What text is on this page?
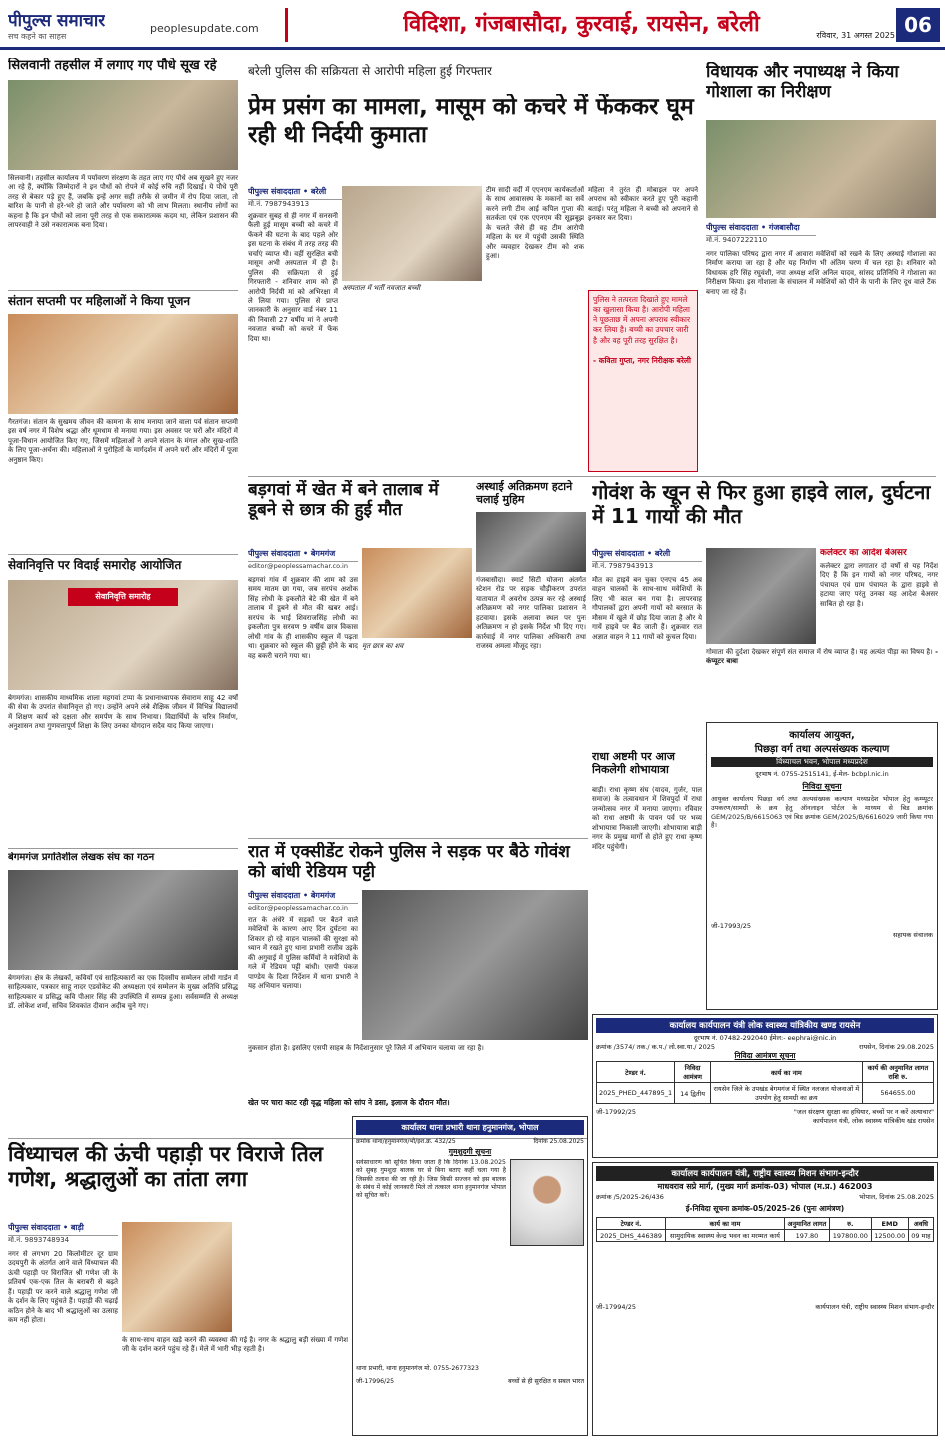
पीपुल्स समाचार
सच कहने का साहस
peoplesupdate.com	विदिशा, गंजबासौदा, कुरवाई, रायसेन, बरेली	रविवार, 31 अगस्त 2025 06
सिलवानी तहसील में लगाए गए पौधे सूख रहे
सिलवानी। तहसील कार्यालय में पर्यावरण संरक्षण के तहत लाए गए पौधे अब सूखने हुए नजर आ रहे हैं, क्योंकि जिम्मेदारों ने इन पौधों को रोपने में कोई रुचि नहीं दिखाई। ये पौधे पूरी तरह से बेकार पड़े हुए हैं, जबकि इन्हें अगर सही तरीके से जमीन में रोप दिया जाता, तो बारिश के पानी से हरे-भरे हो जाते और पर्यावरण को भी लाभ मिलता। स्थानीय लोगों का कहना है कि इन पौधों को लाना पूरी तरह से एक सकारात्मक कदम था, लेकिन प्रशासन की लापरवाही ने उसे नकारात्मक बना दिया।
संतान सप्तमी पर महिलाओं ने किया पूजन
गैरतगंज। संतान के सुखमय जीवन की कामना के साथ मनाया जाने वाला पर्व संतान सप्तमी इस वर्ष नगर में विशेष श्रद्धा और धूमधाम से मनाया गया। इस अवसर पर घरों और मंदिरों में पूजा-विधान आयोजित किए गए, जिसमें महिलाओं ने अपने संतान के मंगल और सुख-शांति के लिए पूजा-अर्चना की। महिलाओं ने पुरोहितों के मार्गदर्शन में अपने घरों और मंदिरों में पूजा अनुष्ठान किए।
सेवानिवृत्ति पर विदाई समारोह आयोजित
सेवानिवृत्ति समारोह
बेगमगंज। शासकीय माध्यमिक शाला महगवां टप्पा के प्रधानाध्यापक सेवाराम साहू 42 वर्षों की सेवा के उपरांत सेवानिवृत्त हो गए। उन्होंने अपने लंबे शैक्षिक जीवन में विभिन्न विद्यालयों में शिक्षण कार्य को दक्षता और समर्पण के साथ निभाया। विद्यार्थियों के चरित्र निर्माण, अनुशासन तथा गुणवत्तापूर्ण शिक्षा के लिए उनका योगदान सदैव याद किया जाएगा।
बेगमगंज प्रगतिशील लेखक संघ का गठन
बेगमगंज। क्षेत्र के लेखकों, कवियों एवं साहित्यकारों का एक दिवसीय सम्मेलन लोधी गार्डन में साहित्यकार, पत्रकार साहू नादर एडवोकेट की अध्यक्षता एवं सम्मेलन के मुख्य अतिथि प्रसिद्ध साहित्यकार व प्रसिद्ध कवि पीआर सिंह की उपस्थिति में सम्पन्न हुआ। सर्वसम्मति से अध्यक्ष डॉ. लोकेश शर्मा, सचिव शिवकांत दीवान अदीब चुने गए।
बरेली पुलिस की सक्रियता से आरोपी महिला हुई गिरफ्तार
प्रेम प्रसंग का मामला, मासूम को कचरे में फेंककर घूम रही थी निर्दयी कुमाता
पीपुल्स संवाददाता • बरेली
मो.नं. 7987943913
शुक्रवार सुबह से ही नगर में सनसनी फैली हुई मासूम बच्ची को कचरे में फेंकने की घटना के बाद पहले ओर इस घटना के संबंध में तरह तरह की चर्चाएं व्याप्त थी। वहीं सुरक्षित बची मासूम अभी अस्पताल में ही है। पुलिस की सक्रियता से हुई गिरफ्तारी - शनिवार शाम को ही आरोपी निर्दयी मां को अभिरक्षा में ले लिया गया। पुलिस से प्राप्त जानकारी के अनुसार वार्ड नंबर 11 की निवासी 27 वर्षीय मां ने अपनी नवजात बच्ची को कचरे में फेंक दिया था।
अस्पताल में भर्ती नवजात बच्ची
टीम सादी वर्दी में एएनएम कार्यकर्ताओं के साथ आवासस्थ के मकानों का सर्वे करने लगी टीम आई कपिल गुप्ता की सतर्कता एवं एक एएनएम की सूझबूझ के चलते जैसे ही वह टीम आरोपी महिला के घर में पहुंची उसकी स्थिति और व्यवहार देखकर टीम को शक हुआ।
महिला ने तुरंत ही मोबाइल पर अपने अपराध को स्वीकार करते हुए पूरी कहानी बताई। परंतु महिला ने बच्ची को अपनाने से इनकार कर दिया।
पुलिस ने तत्परता दिखाते हुए मामले का खुलासा किया है। आरोपी महिला ने पूछताछ में अपना अपराध स्वीकार कर लिया है। बच्ची का उपचार जारी है और वह पूरी तरह सुरक्षित है।

- कविता गुप्ता, नगर निरीक्षक बरेली
बड़गवां में खेत में बने तालाब में डूबने से छात्र की हुई मौत
पीपुल्स संवाददाता • बेगमगंज
editor@peoplessamachar.co.in
बड़गवां गांव में शुक्रवार की शाम को उस समय मातम छा गया, जब सरपंच अशोक सिंह लोधी के इकलौते बेटे की खेत में बने तालाब में डूबने से मौत की खबर आई। सरपंच के भाई शिवराजसिंह लोधी का इकलौता पुत्र सरवण 9 वर्षीय छात्र विकास लोधी गांव के ही शासकीय स्कूल में पढ़ता था। शुक्रवार को स्कूल की छुट्टी होने के बाद वह बकरी चराने गया था।
मृत छात्र का शव
अस्थाई अतिक्रमण हटाने चलाई मुहिम
गंजबासौदा। स्मार्ट सिटी योजना अंतर्गत स्टेशन रोड पर सड़क चौड़ीकरण उपरांत यातायात में अवरोध उत्पन्न कर रहे अस्थाई अतिक्रमण को नगर पालिका प्रशासन ने हटवाया। इसके अलावा स्थल पर पुनः अतिक्रमण न हो इसके निर्देश भी दिए गए। कार्रवाई में नगर पालिका अधिकारी तथा राजस्व अमला मौजूद रहा।
विधायक और नपाध्यक्ष ने किया गोशाला का निरीक्षण
पीपुल्स संवाददाता • गंजबासौदा
मो.नं. 9407222110
नगर पालिका परिषद द्वारा नगर में आवारा मवेशियों को रखने के लिए अस्थाई गोशाला का निर्माण कराया जा रहा है और यह निर्माण भी अंतिम चरण में चल रहा है। शनिवार को विधायक हरि सिंह रघुवंशी, नपा अध्यक्ष शशि अनिल यादव, सांसद प्रतिनिधि ने गोशाला का निरीक्षण किया। इस गोशाला के संचालन में मवेशियों को पीने के पानी के लिए दूध वाले टैंक बनाए जा रहे हैं।
गोवंश के खून से फिर हुआ हाइवे लाल, दुर्घटना में 11 गायों की मौत
पीपुल्स संवाददाता • बरेली
मो.नं. 7987943913
मौत का हाइवे बन चुका एनएच 45 अब वाहन चालकों के साथ-साथ मवेशियों के लिए भी काल बन गया है। लापरवाह गौपालकों द्वारा अपनी गायों को बरसात के मौसम में खुले में छोड़ दिया जाता है और ये गायें हाइवे पर बैठ जाती हैं। शुक्रवार रात अज्ञात वाहन ने 11 गायों को कुचल दिया।
कलेक्टर का आदेश बेअसर
कलेक्टर द्वारा लगातार दो वर्षों से यह निर्देश दिए हैं कि इन गायों को नगर परिषद, नगर पंचायत एवं ग्राम पंचायत के द्वारा हाइवे से हटाया जाए परंतु उनका यह आदेश बेअसर साबित हो रहा है।
गोमाता की दुर्दशा देखकर संपूर्ण संत समाज में रोष व्याप्त है। यह अत्यंत पीड़ा का विषय है। - कंप्यूटर बाबा
राधा अष्टमी पर आज निकलेगी शोभायात्रा
बाड़ी। राधा कृष्ण संघ (यादव, गुर्जर, पाल समाज) के तत्वावधान में शिवपुर्दा में राधा जन्मोत्सव नगर में मनाया जाएगा। रविवार को राधा अष्टमी के पावन पर्व पर भव्य शोभायात्रा निकाली जाएगी। शोभायात्रा बाड़ी नगर के प्रमुख मार्गों से होते हुए राधा कृष्ण मंदिर पहुंचेगी।
कार्यालय आयुक्त,
पिछड़ा वर्ग तथा अल्पसंख्यक कल्याण
विंध्याचल भवन, भोपाल मध्यप्रदेश
दूरभाष नं. 0755-2515141, ई-मेल- bcbpl.nic.in
निविदा सूचना
आयुक्त कार्यालय पिछड़ा वर्ग तथा अल्पसंख्यक कल्याण मध्यप्रदेश भोपाल हेतु कम्प्यूटर उपकरण/सामग्री के क्रय हेतु ऑनलाइन पोर्टल के माध्यम से बिड क्रमांक GEM/2025/B/6615063 एवं बिड क्रमांक GEM/2025/B/6616029 जारी किया गया है।
जी-17993/25
सहायक संचालक
रात में एक्सीडेंट रोकने पुलिस ने सड़क पर बैठे गोवंश को बांधी रेडियम पट्टी
पीपुल्स संवाददाता • बेगमगंज
editor@peoplessamachar.co.in
रात के अंधेरे में सड़कों पर बैठने वाले मवेशियों के कारण आए दिन दुर्घटना का शिकार हो रहे वाहन चालकों की सुरक्षा को ध्यान में रखते हुए थाना प्रभारी राजीव उइके की अगुवाई में पुलिस कर्मियों ने मवेशियों के गले में रेडियम पट्टी बांधी। एसपी पंकज पाण्डेय के दिशा निर्देशन में थाना प्रभारी ने यह अभियान चलाया।
नुकसान होता है। इसलिए एसपी साहब के निर्देशानुसार पूरे जिले में अभियान चलाया जा रहा है।
खेत पर चारा काट रही वृद्ध महिला को सांप ने डसा, इलाज के दौरान मौत।
कार्यालय कार्यपालन यंत्री लोक स्वास्थ्य यांत्रिकीय खण्ड रायसेन
दूरभाष नं. 07482-292040 ईमेल:- eephrai@nic.in
क्रमांक /3574/ तक./ क.प./ लो.स्वा.या./ 2025	रायसेन, दिनांक 29.08.2025
निविदा आमंत्रण सूचना
टेण्डर नं.	निविदा आमंत्रण	कार्य का नाम	कार्य की अनुमानित लागत राशि रु.
2025_PHED_447895_1	14 द्वितीय	रायसेन जिले के उपखंड बेगमगंज में स्थित नलजल योजनाओं में उपयोग हेतु सामग्री का क्रय	564655.00
जी-17992/25	"जल संरक्षण सुरक्षा का हथियार, बच्चों पर न करें अत्याचार"
कार्यपालन यंत्री, लोक स्वास्थ्य यांत्रिकीय खंड रायसेन
विंध्याचल की ऊंची पहाड़ी पर विराजे तिल गणेश, श्रद्धालुओं का तांता लगा
पीपुल्स संवाददाता • बाड़ी
मो.नं. 9893748934
नगर से लगभग 20 किलोमीटर दूर ग्राम उदयपुरी के अंतर्गत आने वाले विंध्याचल की ऊंची पहाड़ी पर विराजित श्री गणेश जी के प्रतिवर्ष एक-एक तिल के बराबरी से बढ़ते हैं। पहाड़ी पर करने वाले श्रद्धालु गणेश जी के दर्शन के लिए पहुंचते हैं। पहाड़ी की चढ़ाई कठिन होने के बाद भी श्रद्धालुओं का उत्साह कम नहीं होता।
के साथ-साथ वाहन खड़े करने की व्यवस्था की गई है। नगर के श्रद्धालु बड़ी संख्या में गणेश जी के दर्शन करने पहुंच रहे हैं। मेले में भारी भीड़ रहती है।
कार्यालय थाना प्रभारी थाना हनुमानगंज, भोपाल
क्रमांक थाना/हनुमानगंज/भो/इश.क्र. 432/25	दिनांक 25.08.2025
गुमशुदगी सूचना
सर्वसाधारण को सूचित किया जाता है कि दिनांक 13.08.2025 को सुबह गुमशुदा बालक घर से बिना बताए कहीं चला गया है जिसकी तलाश की जा रही है। जिस किसी सज्जन को इस बालक के संबंध में कोई जानकारी मिले तो तत्काल थाना हनुमानगंज भोपाल को सूचित करें।
थाना प्रभारी, थाना हनुमानगंज मो. 0755-2677323
जी-17996/25	बच्चों से ही सुरक्षित व सबल भारत
कार्यालय कार्यपालन यंत्री, राष्ट्रीय स्वास्थ्य मिशन संभाग-इन्दौर
माधवराव सप्रे मार्ग, (मुख्य मार्ग क्रमांक-03) भोपाल (म.प्र.) 462003
क्रमांक /5/2025-26/436	भोपाल, दिनांक 25.08.2025
ई-निविदा सूचना क्रमांक-05/2025-26 (पुनः आमंत्रण)
टेण्डर नं.	कार्य का नाम	अनुमानित लागत	रु.	EMD	अवधि
2025_DHS_446389	सामुदायिक स्वास्थ्य केन्द्र भवन का मरम्मत कार्य	197.80	197800.00	12500.00	09 माह
जी-17994/25	कार्यपालन यंत्री, राष्ट्रीय स्वास्थ्य मिशन संभाग-इन्दौर
